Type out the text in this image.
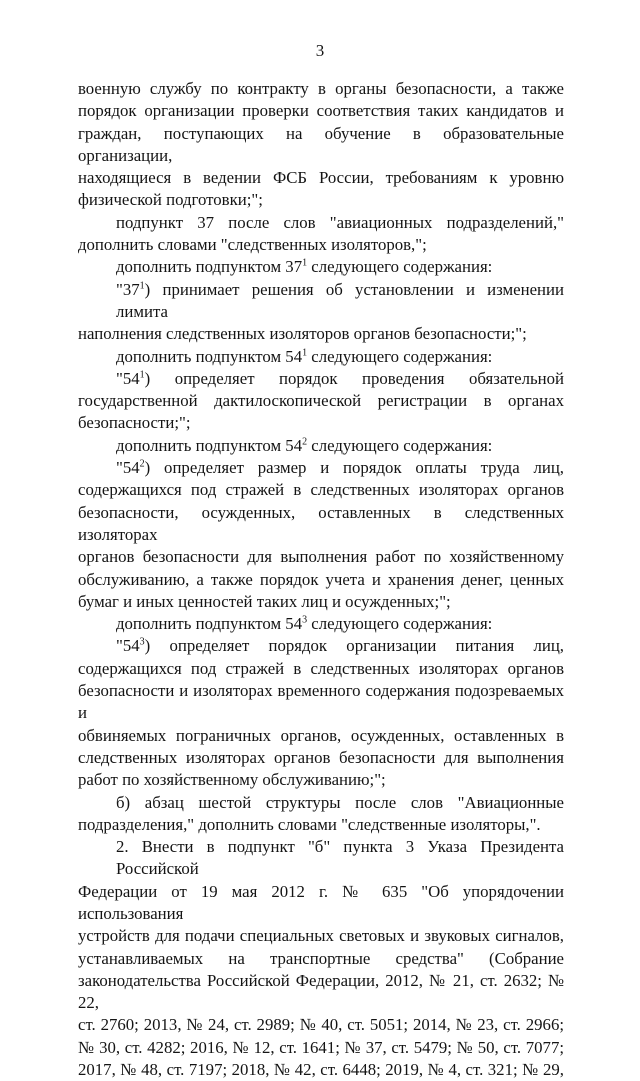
3
военную службу по контракту в органы безопасности, а также
порядок организации проверки соответствия таких кандидатов и
граждан, поступающих на обучение в образовательные организации,
находящиеся в ведении ФСБ России, требованиям к уровню
физической подготовки;";
подпункт 37 после слов "авиационных подразделений,"
дополнить словами "следственных изоляторов,";
дополнить подпунктом $37^1$ следующего содержания:
"$37^1$) принимает решения об установлении и изменении лимита
наполнения следственных изоляторов органов безопасности;";
дополнить подпунктом $54^1$ следующего содержания:
"$54^1$) определяет порядок проведения обязательной
государственной дактилоскопической регистрации в органах
безопасности;";
дополнить подпунктом $54^2$ следующего содержания:
"$54^2$) определяет размер и порядок оплаты труда лиц,
содержащихся под стражей в следственных изоляторах органов
безопасности, осужденных, оставленных в следственных изоляторах
органов безопасности для выполнения работ по хозяйственному
обслуживанию, а также порядок учета и хранения денег, ценных
бумаг и иных ценностей таких лиц и осужденных;";
дополнить подпунктом $54^3$ следующего содержания:
"$54^3$) определяет порядок организации питания лиц,
содержащихся под стражей в следственных изоляторах органов
безопасности и изоляторах временного содержания подозреваемых и
обвиняемых пограничных органов, осужденных, оставленных в
следственных изоляторах органов безопасности для выполнения
работ по хозяйственному обслуживанию;";
б) абзац шестой структуры после слов "Авиационные
подразделения," дополнить словами "следственные изоляторы,".
2. Внести в подпункт "б" пункта 3 Указа Президента Российской
Федерации от 19 мая 2012 г. № 635 "Об упорядочении использования
устройств для подачи специальных световых и звуковых сигналов,
устанавливаемых на транспортные средства" (Собрание
законодательства Российской Федерации, 2012, № 21, ст. 2632; № 22,
ст. 2760; 2013, № 24, ст. 2989; № 40, ст. 5051; 2014, № 23, ст. 2966;
№ 30, ст. 4282; 2016, № 12, ст. 1641; № 37, ст. 5479; № 50, ст. 7077;
2017, № 48, ст. 7197; 2018, № 42, ст. 6448; 2019, № 4, ст. 321; № 29,
